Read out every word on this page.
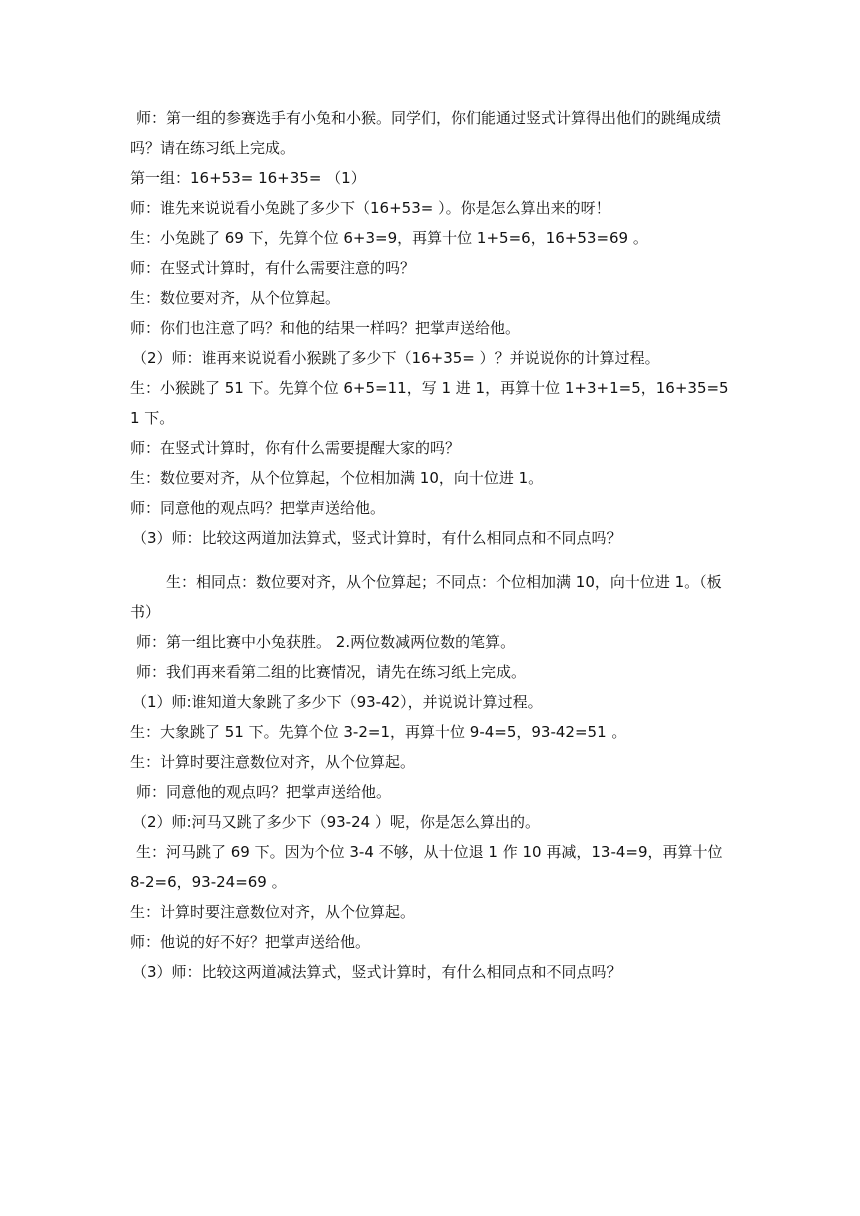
师：第一组的参赛选手有小兔和小猴。同学们，你们能通过竖式计算得出他们的跳绳成绩吗？请在练习纸上完成。

第一组：16+53= 16+35= （1）

师：谁先来说说看小兔跳了多少下（16+53= ）。你是怎么算出来的呀！

生：小兔跳了 69 下，先算个位 6+3=9，再算十位 1+5=6，16+53=69 。

师：在竖式计算时，有什么需要注意的吗？

生：数位要对齐，从个位算起。

师：你们也注意了吗？和他的结果一样吗？把掌声送给他。

（2）师：谁再来说说看小猴跳了多少下（16+35= ）？并说说你的计算过程。

生：小猴跳了 51 下。先算个位 6+5=11，写 1 进 1，再算十位 1+3+1=5，16+35=51 下。

师：在竖式计算时，你有什么需要提醒大家的吗？

生：数位要对齐，从个位算起，个位相加满 10，向十位进 1。

师：同意他的观点吗？把掌声送给他。

（3）师：比较这两道加法算式，竖式计算时，有什么相同点和不同点吗？

生：相同点：数位要对齐，从个位算起；不同点：个位相加满 10，向十位进 1。（板书）

师：第一组比赛中小兔获胜。 2.两位数减两位数的笔算。

师：我们再来看第二组的比赛情况，请先在练习纸上完成。

（1）师:谁知道大象跳了多少下（93-42），并说说计算过程。

生：大象跳了 51 下。先算个位 3-2=1，再算十位 9-4=5，93-42=51 。

生：计算时要注意数位对齐，从个位算起。

师：同意他的观点吗？把掌声送给他。

（2）师:河马又跳了多少下（93-24 ）呢，你是怎么算出的。

生：河马跳了 69 下。因为个位 3-4 不够，从十位退 1 作 10 再减，13-4=9，再算十位 8-2=6，93-24=69 。

生：计算时要注意数位对齐，从个位算起。

师：他说的好不好？把掌声送给他。

（3）师：比较这两道减法算式，竖式计算时，有什么相同点和不同点吗？
